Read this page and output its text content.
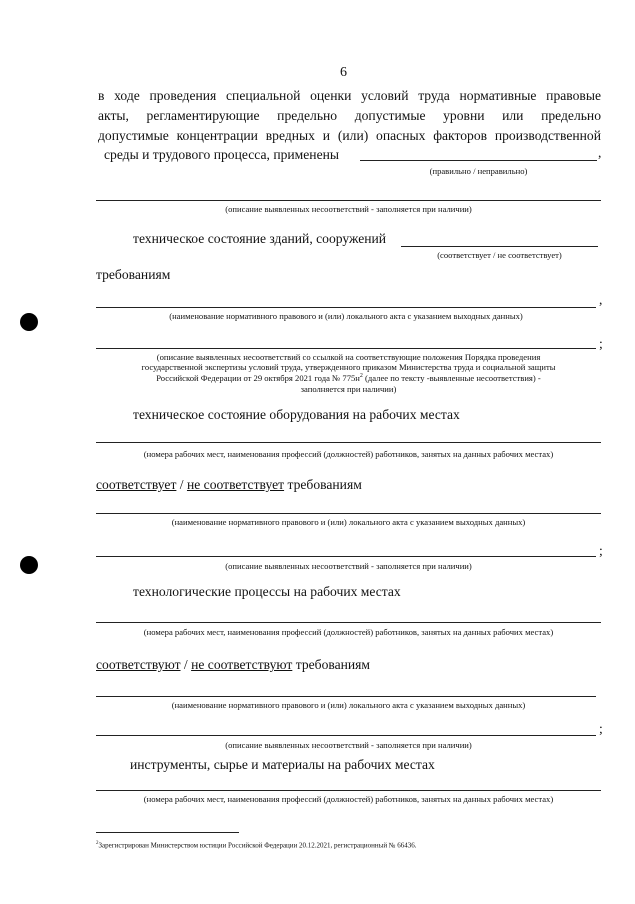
6
в ходе проведения специальной оценки условий труда нормативные правовые
акты, регламентирующие предельно допустимые уровни или предельно
допустимые концентрации вредных и (или) опасных факторов производственной
среды и трудового процесса, применены	,
(правильно / неправильно)
(описание выявленных несоответствий - заполняется при наличии)
техническое состояние зданий, сооружений
(соответствует / не соответствует)
требованиям
,
(наименование нормативного правового и (или) локального акта с указанием выходных данных)
;
(описание выявленных несоответствий со ссылкой на соответствующие положения Порядка проведения
государственной экспертизы условий труда, утвержденного приказом Министерства труда и социальной защиты
Российской Федерации от 29 октября 2021 года № $775н^2$ (далее по тексту -выявленные несоответствия) -
заполняется при наличии)
техническое состояние оборудования на рабочих местах
(номера рабочих мест, наименования профессий (должностей) работников, занятых на данных рабочих местах)
соответствует / не соответствует требованиям
(наименование нормативного правового и (или) локального акта с указанием выходных данных)
;
(описание выявленных несоответствий - заполняется при наличии)
технологические процессы на рабочих местах
(номера рабочих мест, наименования профессий (должностей) работников, занятых на данных рабочих местах)
соответствуют / не соответствуют требованиям
(наименование нормативного правового и (или) локального акта с указанием выходных данных)
;
(описание выявленных несоответствий - заполняется при наличии)
инструменты, сырье и материалы на рабочих местах
(номера рабочих мест, наименования профессий (должностей) работников, занятых на данных рабочих местах)
$^2$Зарегистрирован Министерством юстиции Российской Федерации 20.12.2021, регистрационный № 66436.
